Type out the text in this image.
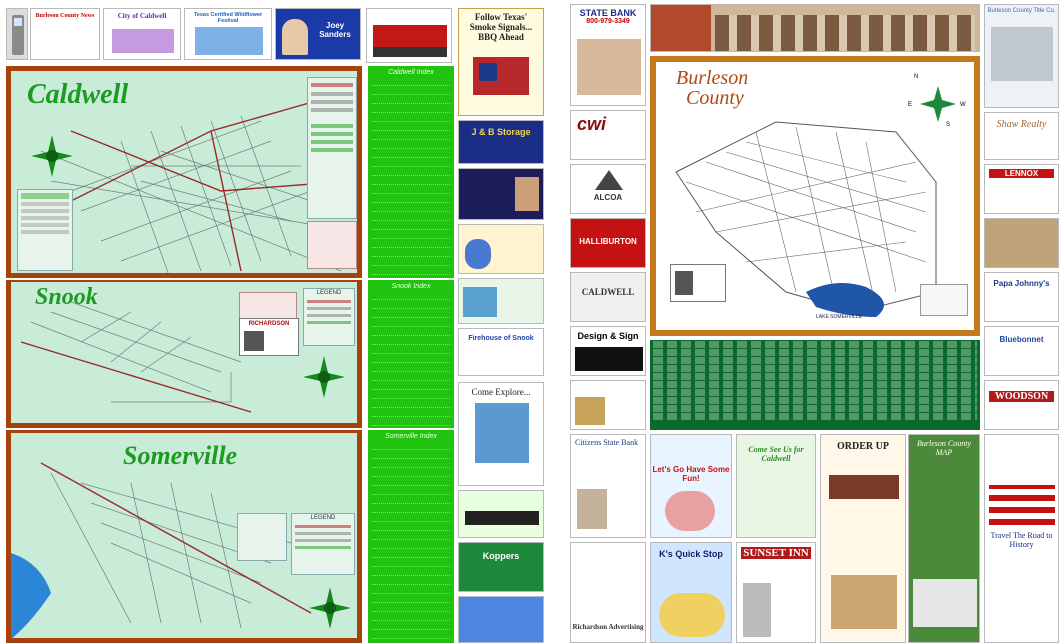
Burleson County News	City of Caldwell	Texas Certified Wildflower Festival	Joey Sanders
Follow Texas' Smoke Signals... BBQ Ahead
Caldwell
Caldwell Index
J & B Storage
Snook
RICHARDSON
LEGEND
Snook Index
Firehouse of Snook
Come Explore...
Somerville
LEGEND
Somerville Index
Koppers
STATE BANK
800-979-3349
cwi
ALCOA
HALLIBURTON
CALDWELL
Design & Sign
Burleson
County
LAKE SOMERVILLE
N
S
E	W
Burleson County Title Co.
Shaw Realty
LENNOX
Papa Johnny's
Bluebonnet
WOODSON
Citizens State Bank
Let's Go Have Some Fun!
Come See Us for Caldwell
ORDER UP	Burleson County MAP
Travel The Road to History
K's Quick Stop	SUNSET INN
Richardson Advertising
